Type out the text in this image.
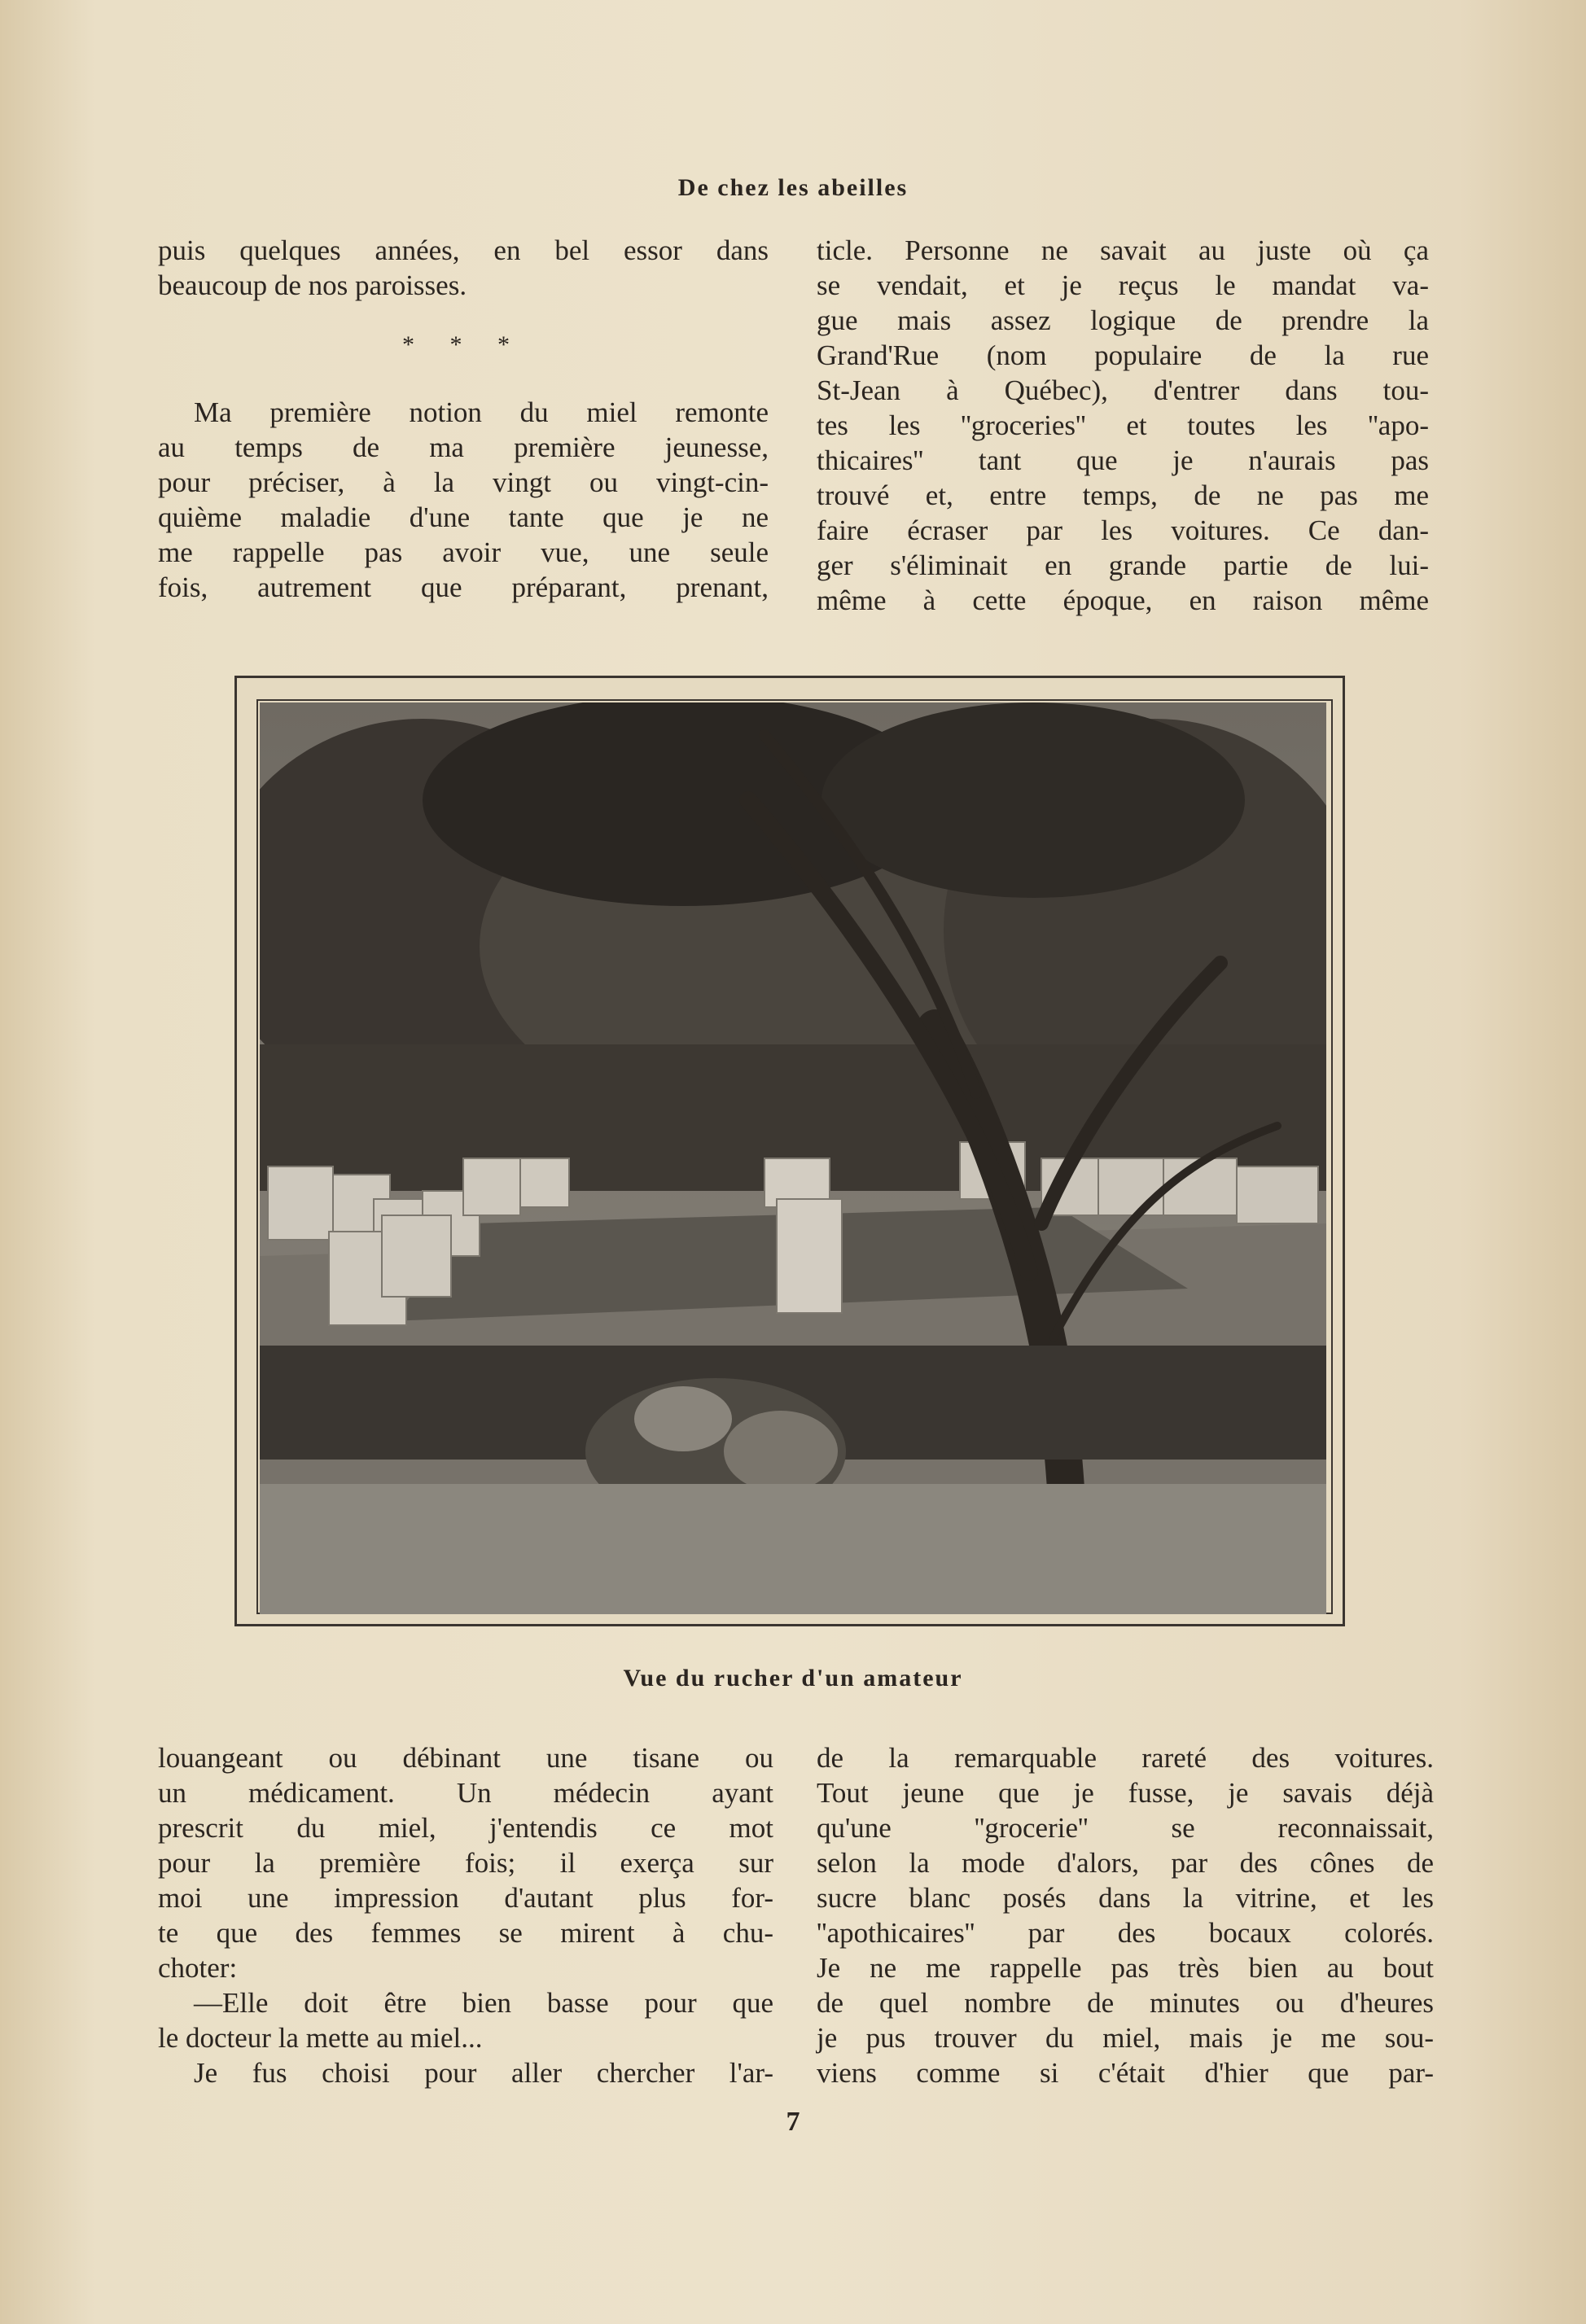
De chez les abeilles

puis quelques années, en bel essor dans
beaucoup de nos paroisses.

* * *

Ma première notion du miel remonte
au temps de ma première jeunesse,
pour préciser, à la vingt ou vingt-cin-
quième maladie d'une tante que je ne
me rappelle pas avoir vue, une seule
fois, autrement que préparant, prenant,

ticle. Personne ne savait au juste où ça
se vendait, et je reçus le mandat va-
gue mais assez logique de prendre la
Grand'Rue (nom populaire de la rue
St-Jean à Québec), d'entrer dans tou-
tes les ''groceries'' et toutes les ''apo-
thicaires'' tant que je n'aurais pas
trouvé et, entre temps, de ne pas me
faire écraser par les voitures. Ce dan-
ger s'éliminait en grande partie de lui-
même à cette époque, en raison même

Vue du rucher d'un amateur

louangeant ou débinant une tisane ou
un médicament. Un médecin ayant
prescrit du miel, j'entendis ce mot
pour la première fois; il exerça sur
moi une impression d'autant plus for-
te que des femmes se mirent à chu-
choter:

—Elle doit être bien basse pour que
le docteur la mette au miel...

Je fus choisi pour aller chercher l'ar-

de la remarquable rareté des voitures.
Tout jeune que je fusse, je savais déjà
qu'une ''grocerie'' se reconnaissait,
selon la mode d'alors, par des cônes de
sucre blanc posés dans la vitrine, et les
''apothicaires'' par des bocaux colorés.
Je ne me rappelle pas très bien au bout
de quel nombre de minutes ou d'heures
je pus trouver du miel, mais je me sou-
viens comme si c'était d'hier que par-

7
